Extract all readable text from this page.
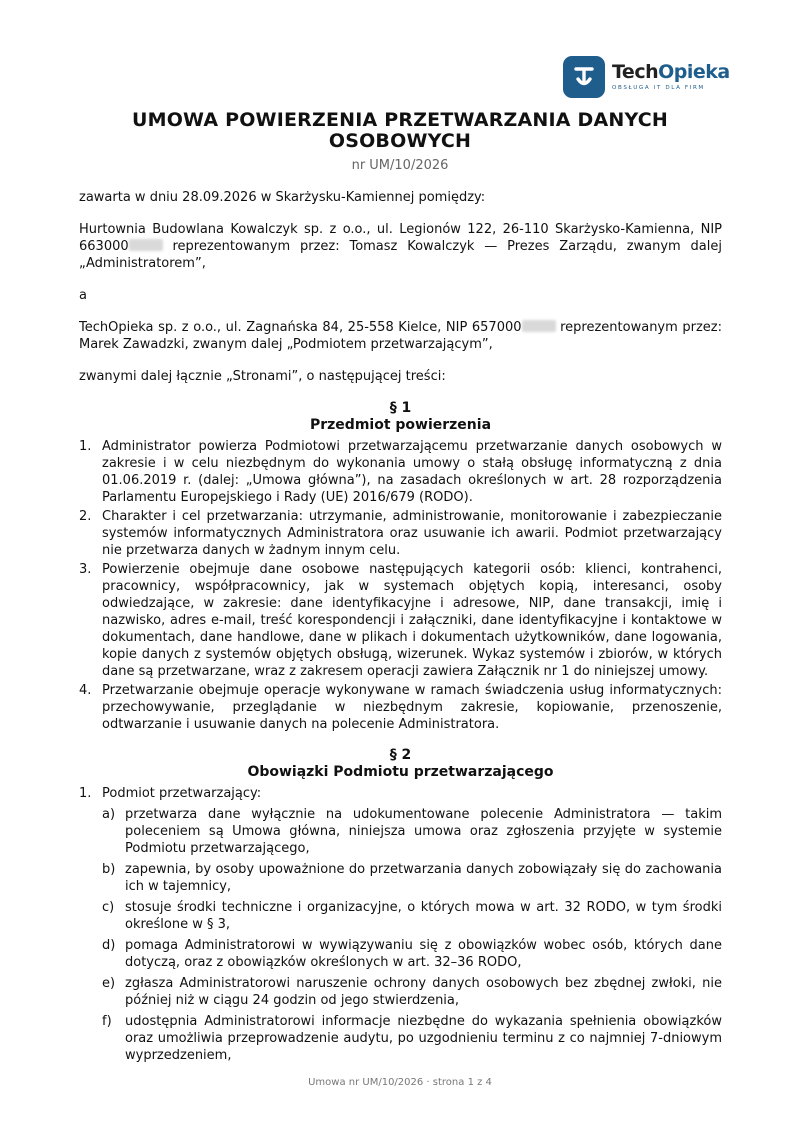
TechOpieka
OBSŁUGA IT DLA FIRM
UMOWA POWIERZENIA PRZETWARZANIA DANYCH
OSOBOWYCH
nr UM/10/2026

zawarta w dniu 28.09.2026 w Skarżysku-Kamiennej pomiędzy:

Hurtownia Budowlana Kowalczyk sp. z o.o., ul. Legionów 122, 26-110 Skarżysko-Kamienna, NIP 663000	reprezentowanym przez: Tomasz Kowalczyk — Prezes Zarządu, zwanym dalej „Administratorem”,

a

TechOpieka sp. z o.o., ul. Zagnańska 84, 25-558 Kielce, NIP 657000	reprezentowanym przez: Marek Zawadzki, zwanym dalej „Podmiotem przetwarzającym”,

zwanymi dalej łącznie „Stronami”, o następującej treści:

§ 1
Przedmiot powierzenia
1. Administrator powierza Podmiotowi przetwarzającemu przetwarzanie danych osobowych w zakresie i w celu niezbędnym do wykonania umowy o stałą obsługę informatyczną z dnia 01.06.2019 r. (dalej: „Umowa główna”), na zasadach określonych w art. 28 rozporządzenia Parlamentu Europejskiego i Rady (UE) 2016/679 (RODO).
2. Charakter i cel przetwarzania: utrzymanie, administrowanie, monitorowanie i zabezpieczanie systemów informatycznych Administratora oraz usuwanie ich awarii. Podmiot przetwarzający nie przetwarza danych w żadnym innym celu.
3. Powierzenie obejmuje dane osobowe następujących kategorii osób: klienci, kontrahenci, pracownicy, współpracownicy, jak w systemach objętych kopią, interesanci, osoby odwiedzające, w zakresie: dane identyfikacyjne i adresowe, NIP, dane transakcji, imię i nazwisko, adres e-mail, treść korespondencji i załączniki, dane identyfikacyjne i kontaktowe w dokumentach, dane handlowe, dane w plikach i dokumentach użytkowników, dane logowania, kopie danych z systemów objętych obsługą, wizerunek. Wykaz systemów i zbiorów, w których dane są przetwarzane, wraz z zakresem operacji zawiera Załącznik nr 1 do niniejszej umowy.
4. Przetwarzanie obejmuje operacje wykonywane w ramach świadczenia usług informatycznych: przechowywanie, przeglądanie w niezbędnym zakresie, kopiowanie, przenoszenie, odtwarzanie i usuwanie danych na polecenie Administratora.
§ 2
Obowiązki Podmiotu przetwarzającego
1. Podmiot przetwarzający:
a) przetwarza dane wyłącznie na udokumentowane polecenie Administratora — takim poleceniem są Umowa główna, niniejsza umowa oraz zgłoszenia przyjęte w systemie Podmiotu przetwarzającego,
b) zapewnia, by osoby upoważnione do przetwarzania danych zobowiązały się do zachowania ich w tajemnicy,
c) stosuje środki techniczne i organizacyjne, o których mowa w art. 32 RODO, w tym środki określone w § 3,
d) pomaga Administratorowi w wywiązywaniu się z obowiązków wobec osób, których dane dotyczą, oraz z obowiązków określonych w art. 32–36 RODO,
e) zgłasza Administratorowi naruszenie ochrony danych osobowych bez zbędnej zwłoki, nie później niż w ciągu 24 godzin od jego stwierdzenia,
f) udostępnia Administratorowi informacje niezbędne do wykazania spełnienia obowiązków oraz umożliwia przeprowadzenie audytu, po uzgodnieniu terminu z co najmniej 7-dniowym wyprzedzeniem,
Umowa nr UM/10/2026 · strona 1 z 4
